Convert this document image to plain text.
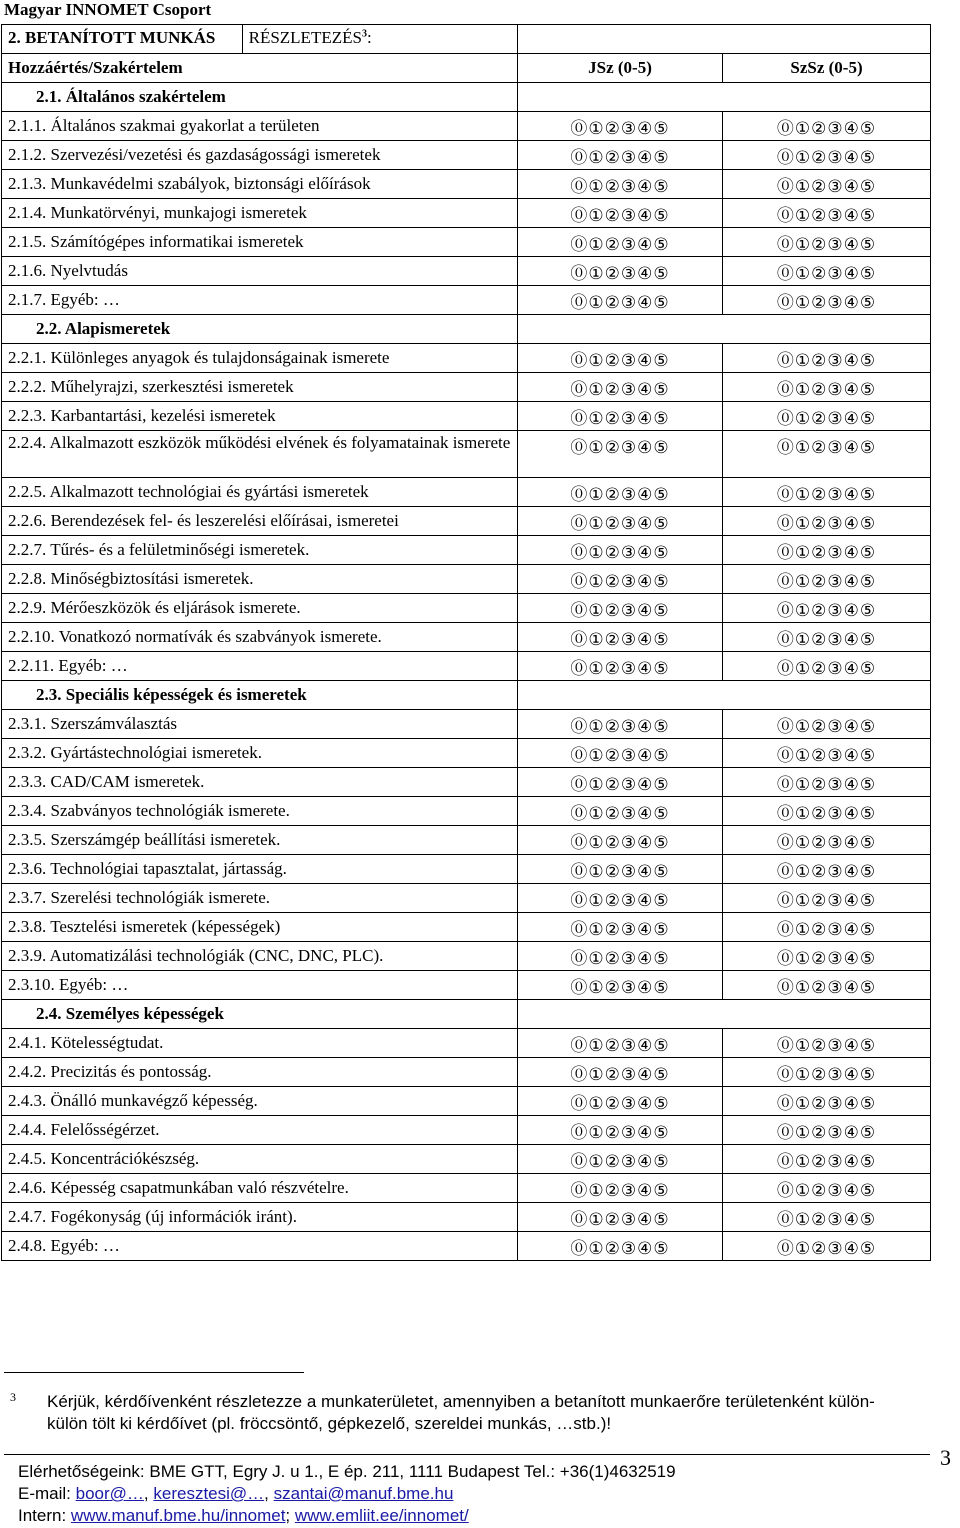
Magyar INNOMET Csoport
2. BETANÍTOTT MUNKÁS RÉSZLETEZÉS$^3$:		
Hozzáértés/Szakértelem	JSz (0-5)	SzSz (0-5)
2.1. Általános szakértelem		
2.1.1. Általános szakmai gyakorlat a területen	⓪①②③④⑤	⓪①②③④⑤
2.1.2. Szervezési/vezetési és gazdaságossági ismeretek	⓪①②③④⑤	⓪①②③④⑤
2.1.3. Munkavédelmi szabályok, biztonsági előírások	⓪①②③④⑤	⓪①②③④⑤
2.1.4. Munkatörvényi, munkajogi ismeretek	⓪①②③④⑤	⓪①②③④⑤
2.1.5. Számítógépes informatikai ismeretek	⓪①②③④⑤	⓪①②③④⑤
2.1.6. Nyelvtudás	⓪①②③④⑤	⓪①②③④⑤
2.1.7. Egyéb: …	⓪①②③④⑤	⓪①②③④⑤
2.2. Alapismeretek		
2.2.1. Különleges anyagok és tulajdonságainak ismerete	⓪①②③④⑤	⓪①②③④⑤
2.2.2. Műhelyrajzi, szerkesztési ismeretek	⓪①②③④⑤	⓪①②③④⑤
2.2.3. Karbantartási, kezelési ismeretek	⓪①②③④⑤	⓪①②③④⑤
2.2.4. Alkalmazott eszközök működési elvének és folyamatainak ismerete	⓪①②③④⑤	⓪①②③④⑤
2.2.5. Alkalmazott technológiai és gyártási ismeretek	⓪①②③④⑤	⓪①②③④⑤
2.2.6. Berendezések fel- és leszerelési előírásai, ismeretei	⓪①②③④⑤	⓪①②③④⑤
2.2.7. Tűrés- és a felületminőségi ismeretek.	⓪①②③④⑤	⓪①②③④⑤
2.2.8. Minőségbiztosítási ismeretek.	⓪①②③④⑤	⓪①②③④⑤
2.2.9. Mérőeszközök és eljárások ismerete.	⓪①②③④⑤	⓪①②③④⑤
2.2.10. Vonatkozó normatívák és szabványok ismerete.	⓪①②③④⑤	⓪①②③④⑤
2.2.11. Egyéb: …	⓪①②③④⑤	⓪①②③④⑤
2.3. Speciális képességek és ismeretek		
2.3.1. Szerszámválasztás	⓪①②③④⑤	⓪①②③④⑤
2.3.2. Gyártástechnológiai ismeretek.	⓪①②③④⑤	⓪①②③④⑤
2.3.3. CAD/CAM ismeretek.	⓪①②③④⑤	⓪①②③④⑤
2.3.4. Szabványos technológiák ismerete.	⓪①②③④⑤	⓪①②③④⑤
2.3.5. Szerszámgép beállítási ismeretek.	⓪①②③④⑤	⓪①②③④⑤
2.3.6. Technológiai tapasztalat, jártasság.	⓪①②③④⑤	⓪①②③④⑤
2.3.7. Szerelési technológiák ismerete.	⓪①②③④⑤	⓪①②③④⑤
2.3.8. Tesztelési ismeretek (képességek)	⓪①②③④⑤	⓪①②③④⑤
2.3.9. Automatizálási technológiák (CNC, DNC, PLC).	⓪①②③④⑤	⓪①②③④⑤
2.3.10. Egyéb: …	⓪①②③④⑤	⓪①②③④⑤
2.4. Személyes képességek		
2.4.1. Kötelességtudat.	⓪①②③④⑤	⓪①②③④⑤
2.4.2. Precizitás és pontosság.	⓪①②③④⑤	⓪①②③④⑤
2.4.3. Önálló munkavégző képesség.	⓪①②③④⑤	⓪①②③④⑤
2.4.4. Felelősségérzet.	⓪①②③④⑤	⓪①②③④⑤
2.4.5. Koncentrációkészség.	⓪①②③④⑤	⓪①②③④⑤
2.4.6. Képesség csapatmunkában való részvételre.	⓪①②③④⑤	⓪①②③④⑤
2.4.7. Fogékonyság (új információk iránt).	⓪①②③④⑤	⓪①②③④⑤
2.4.8. Egyéb: …	⓪①②③④⑤	⓪①②③④⑤
3 Kérjük, kérdőívenként részletezze a munkaterületet, amennyiben a betanított munkaerőre területenként külön-külön tölt ki kérdőívet (pl. fröccsöntő, gépkezelő, szereldei munkás, …stb.)!
3
Elérhetőségeink: BME GTT, Egry J. u 1., E ép. 211, 1111 Budapest Tel.: +36(1)4632519
E-mail: boor@…, keresztesi@…, szantai@manuf.bme.hu
Intern: www.manuf.bme.hu/innomet; www.emliit.ee/innomet/
